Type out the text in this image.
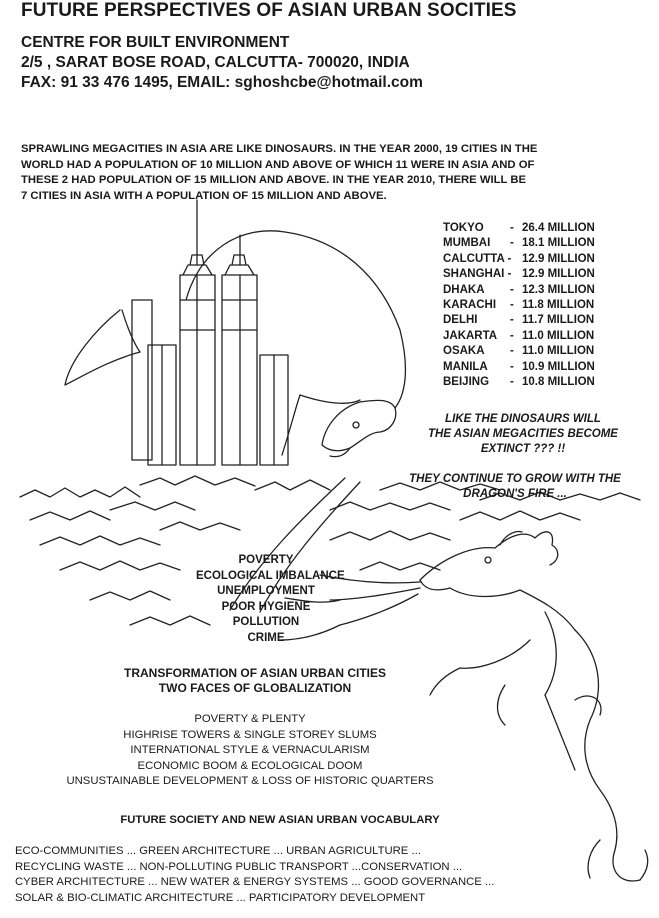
FUTURE PERSPECTIVES OF ASIAN URBAN SOCITIES
CENTRE FOR BUILT ENVIRONMENT
2/5 , SARAT BOSE ROAD, CALCUTTA- 700020, INDIA
FAX: 91 33 476 1495, EMAIL: sghoshcbe@hotmail.com
SPRAWLING MEGACITIES IN ASIA ARE LIKE DINOSAURS. IN THE YEAR 2000, 19 CITIES IN THE
WORLD HAD A POPULATION OF 10 MILLION AND ABOVE OF WHICH 11 WERE IN ASIA AND OF
THESE 2 HAD POPULATION OF 15 MILLION AND ABOVE. IN THE YEAR 2010, THERE WILL BE
7 CITIES IN ASIA WITH A POPULATION OF 15 MILLION AND ABOVE.
TOKYO	- 26.4 MILLION
MUMBAI	- 18.1 MILLION
CALCUTTA - 12.9 MILLION
SHANGHAI - 12.9 MILLION
DHAKA	- 12.3 MILLION
KARACHI	- 11.8 MILLION
DELHI	- 11.7 MILLION
JAKARTA	- 11.0 MILLION
OSAKA	- 11.0 MILLION
MANILA	- 10.9 MILLION
BEIJING	- 10.8 MILLION
LIKE THE DINOSAURS WILL
THE ASIAN MEGACITIES BECOME
EXTINCT ??? !!
THEY CONTINUE TO GROW WITH THE
DRAGON'S FIRE ...
POVERTY
ECOLOGICAL IMBALANCE
UNEMPLOYMENT
POOR HYGIENE
POLLUTION
CRIME
TRANSFORMATION OF ASIAN URBAN CITIES
TWO FACES OF GLOBALIZATION
POVERTY & PLENTY
HIGHRISE TOWERS & SINGLE STOREY SLUMS
INTERNATIONAL STYLE & VERNACULARISM
ECONOMIC BOOM & ECOLOGICAL DOOM
UNSUSTAINABLE DEVELOPMENT & LOSS OF HISTORIC QUARTERS
FUTURE SOCIETY AND NEW ASIAN URBAN VOCABULARY
ECO-COMMUNITIES ... GREEN ARCHITECTURE ... URBAN AGRICULTURE ...
RECYCLING WASTE ... NON-POLLUTING PUBLIC TRANSPORT ...CONSERVATION ...
CYBER ARCHITECTURE ... NEW WATER & ENERGY SYSTEMS ... GOOD GOVERNANCE ...
SOLAR & BIO-CLIMATIC ARCHITECTURE ... PARTICIPATORY DEVELOPMENT
